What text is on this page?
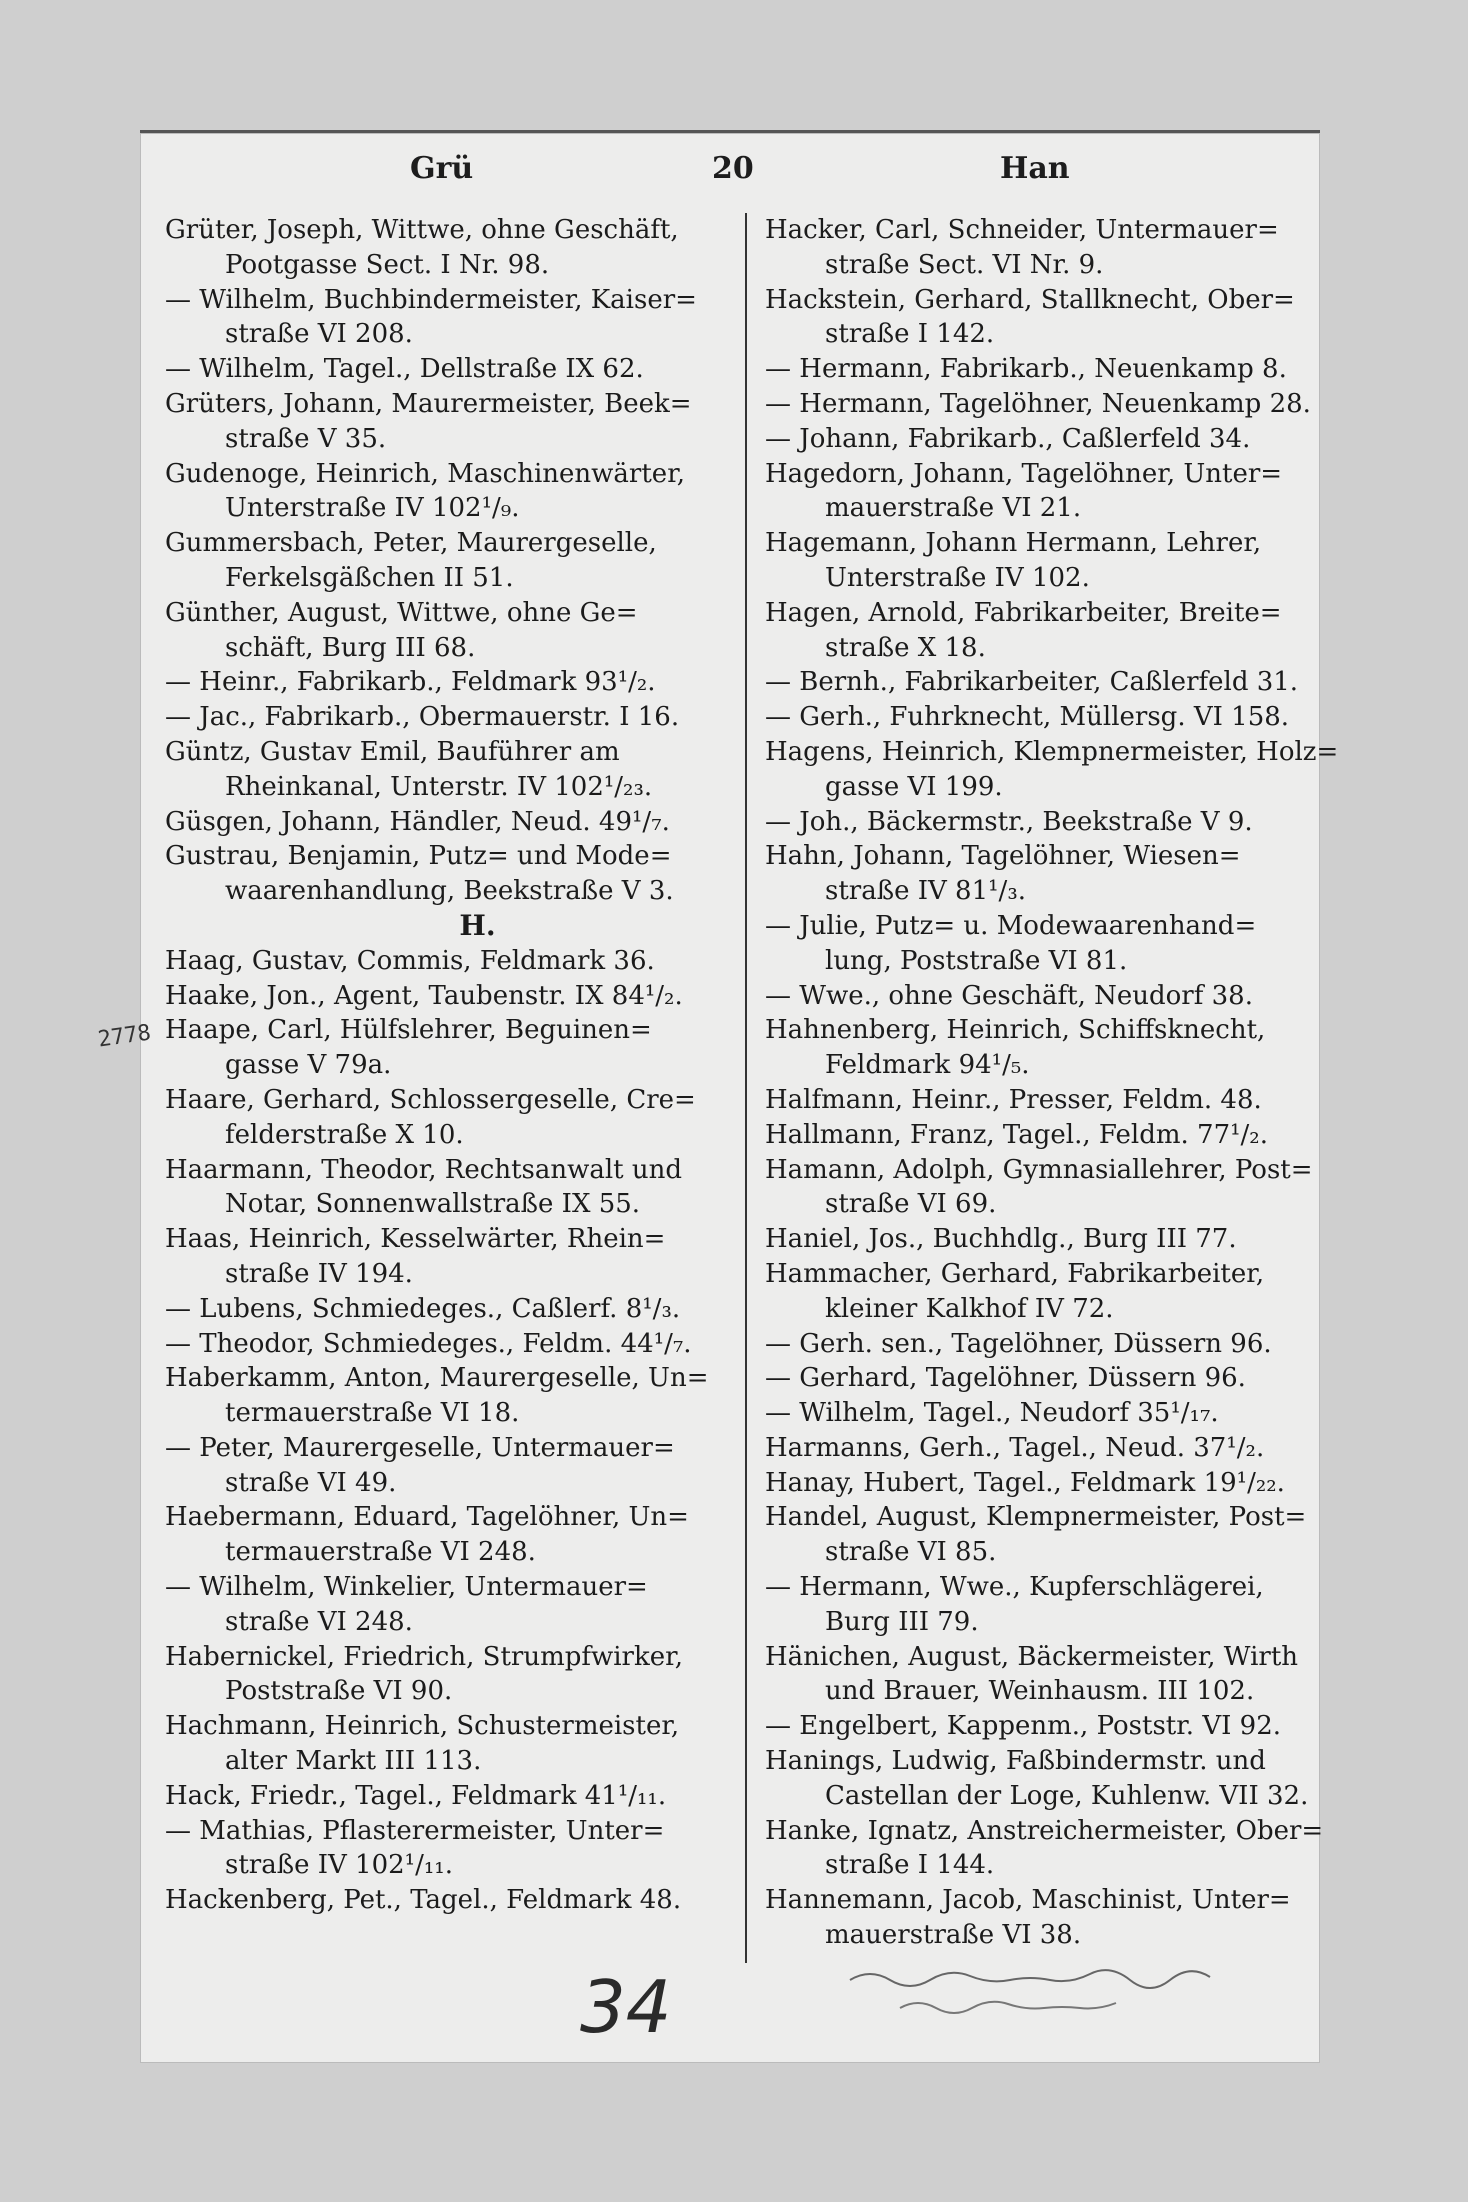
Grü	20	Han
Grüter, Joseph, Wittwe, ohne Geschäft,
Pootgasse Sect. I Nr. 98.
— Wilhelm, Buchbindermeister, Kaiser=
straße VI 208.
— Wilhelm, Tagel., Dellstraße IX 62.
Grüters, Johann, Maurermeister, Beek=
straße V 35.
Gudenoge, Heinrich, Maschinenwärter,
Unterstraße IV 102¹/₉.
Gummersbach, Peter, Maurergeselle,
Ferkelsgäßchen II 51.
Günther, August, Wittwe, ohne Ge=
schäft, Burg III 68.
— Heinr., Fabrikarb., Feldmark 93¹/₂.
— Jac., Fabrikarb., Obermauerstr. I 16.
Güntz, Gustav Emil, Bauführer am
Rheinkanal, Unterstr. IV 102¹/₂₃.
Güsgen, Johann, Händler, Neud. 49¹/₇.
Gustrau, Benjamin, Putz= und Mode=
waarenhandlung, Beekstraße V 3.
H.
Haag, Gustav, Commis, Feldmark 36.
Haake, Jon., Agent, Taubenstr. IX 84¹/₂.
Haape, Carl, Hülfslehrer, Beguinen=
gasse V 79a.
Haare, Gerhard, Schlossergeselle, Cre=
felderstraße X 10.
Haarmann, Theodor, Rechtsanwalt und
Notar, Sonnenwallstraße IX 55.
Haas, Heinrich, Kesselwärter, Rhein=
straße IV 194.
— Lubens, Schmiedeges., Caßlerf. 8¹/₃.
— Theodor, Schmiedeges., Feldm. 44¹/₇.
Haberkamm, Anton, Maurergeselle, Un=
termauerstraße VI 18.
— Peter, Maurergeselle, Untermauer=
straße VI 49.
Haebermann, Eduard, Tagelöhner, Un=
termauerstraße VI 248.
— Wilhelm, Winkelier, Untermauer=
straße VI 248.
Habernickel, Friedrich, Strumpfwirker,
Poststraße VI 90.
Hachmann, Heinrich, Schustermeister,
alter Markt III 113.
Hack, Friedr., Tagel., Feldmark 41¹/₁₁.
— Mathias, Pflasterermeister, Unter=
straße IV 102¹/₁₁.
Hackenberg, Pet., Tagel., Feldmark 48.
Hacker, Carl, Schneider, Untermauer=
straße Sect. VI Nr. 9.
Hackstein, Gerhard, Stallknecht, Ober=
straße I 142.
— Hermann, Fabrikarb., Neuenkamp 8.
— Hermann, Tagelöhner, Neuenkamp 28.
— Johann, Fabrikarb., Caßlerfeld 34.
Hagedorn, Johann, Tagelöhner, Unter=
mauerstraße VI 21.
Hagemann, Johann Hermann, Lehrer,
Unterstraße IV 102.
Hagen, Arnold, Fabrikarbeiter, Breite=
straße X 18.
— Bernh., Fabrikarbeiter, Caßlerfeld 31.
— Gerh., Fuhrknecht, Müllersg. VI 158.
Hagens, Heinrich, Klempnermeister, Holz=
gasse VI 199.
— Joh., Bäckermstr., Beekstraße V 9.
Hahn, Johann, Tagelöhner, Wiesen=
straße IV 81¹/₃.
— Julie, Putz= u. Modewaarenhand=
lung, Poststraße VI 81.
— Wwe., ohne Geschäft, Neudorf 38.
Hahnenberg, Heinrich, Schiffsknecht,
Feldmark 94¹/₅.
Halfmann, Heinr., Presser, Feldm. 48.
Hallmann, Franz, Tagel., Feldm. 77¹/₂.
Hamann, Adolph, Gymnasiallehrer, Post=
straße VI 69.
Haniel, Jos., Buchhdlg., Burg III 77.
Hammacher, Gerhard, Fabrikarbeiter,
kleiner Kalkhof IV 72.
— Gerh. sen., Tagelöhner, Düssern 96.
— Gerhard, Tagelöhner, Düssern 96.
— Wilhelm, Tagel., Neudorf 35¹/₁₇.
Harmanns, Gerh., Tagel., Neud. 37¹/₂.
Hanay, Hubert, Tagel., Feldmark 19¹/₂₂.
Handel, August, Klempnermeister, Post=
straße VI 85.
— Hermann, Wwe., Kupferschlägerei,
Burg III 79.
Hänichen, August, Bäckermeister, Wirth
und Brauer, Weinhausm. III 102.
— Engelbert, Kappenm., Poststr. VI 92.
Hanings, Ludwig, Faßbindermstr. und
Castellan der Loge, Kuhlenw. VII 32.
Hanke, Ignatz, Anstreichermeister, Ober=
straße I 144.
Hannemann, Jacob, Maschinist, Unter=
mauerstraße VI 38.
2778
34
